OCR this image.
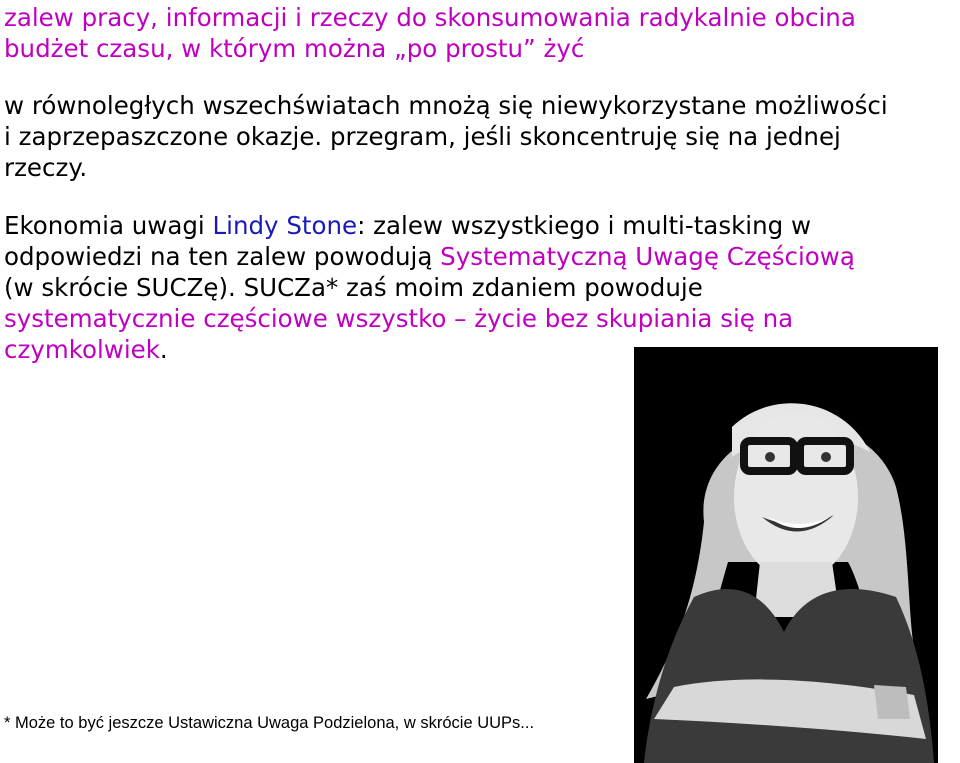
zalew pracy, informacji i rzeczy do skonsumowania radykalnie obcina
budżet czasu, w którym można „po prostu” żyć
w równoległych wszechświatach mnożą się niewykorzystane możliwości
i zaprzepaszczone okazje. przegram, jeśli skoncentruję się na jednej
rzeczy.
Ekonomia uwagi Lindy Stone: zalew wszystkiego i multi-tasking w
odpowiedzi na ten zalew powodują Systematyczną Uwagę Częściową
(w skrócie SUCZę). SUCZa* zaś moim zdaniem powoduje
systematycznie częściowe wszystko – życie bez skupiania się na
czymkolwiek.
* Może to być jeszcze Ustawiczna Uwaga Podzielona, w skrócie UUPs...
